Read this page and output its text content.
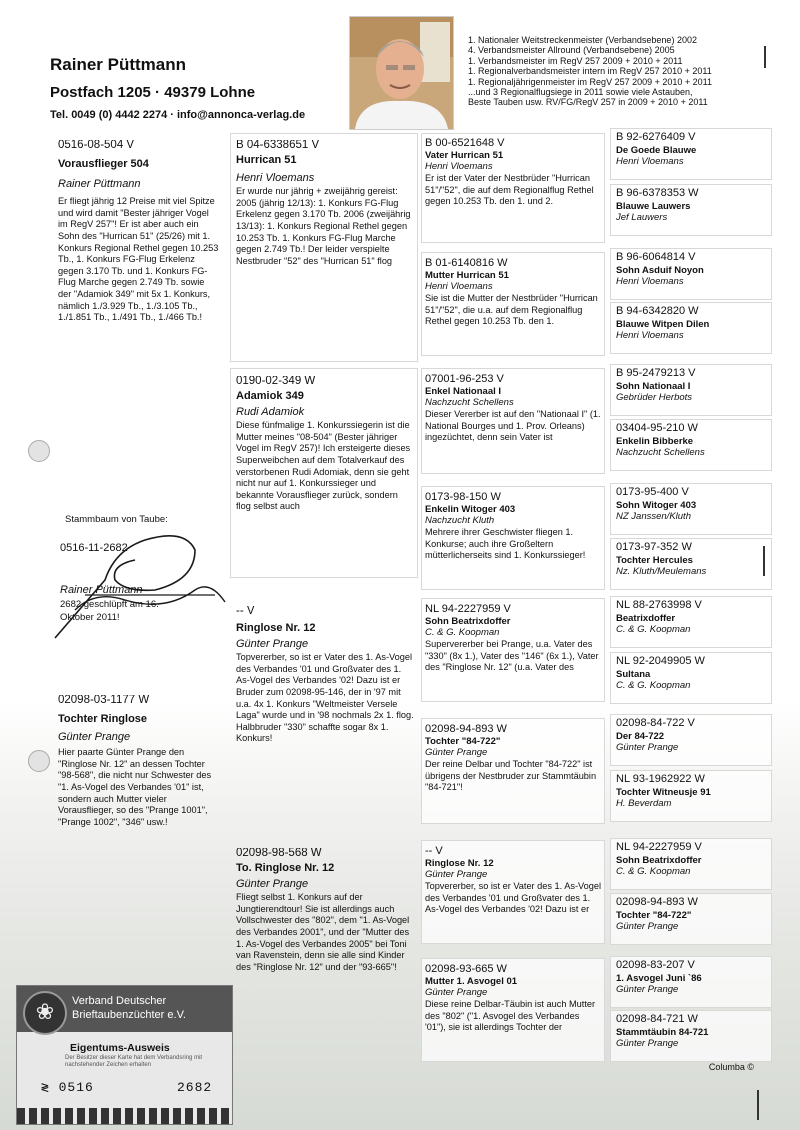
Rainer Püttmann
Postfach 1205 · 49379 Lohne
Tel. 0049 (0) 4442 2274 · info@annonca-verlag.de
1. Nationaler Weitstreckenmeister (Verbandsebene) 2002
4. Verbandsmeister Allround (Verbandsebene) 2005
1. Verbandsmeister im RegV 257 2009 + 2010 + 2011
1. Regionalverbandsmeister intern im RegV 257 2010 + 2011
1. Regionaljährigenmeister im RegV 257 2009 + 2010 + 2011
...und 3 Regionalflugsiege in 2011 sowie viele Astauben,
Beste Tauben usw. RV/FG/RegV 257 in 2009 + 2010 + 2011
0516-08-504 V
Vorausflieger 504
Rainer Püttmann
Er fliegt jährig 12 Preise mit viel Spitze und wird damit "Bester jähriger Vogel im RegV 257"! Er ist aber auch ein Sohn des "Hurrican 51" (25/26) mit 1. Konkurs Regional Rethel gegen 10.253 Tb., 1. Konkurs FG-Flug Erkelenz gegen 3.170 Tb. und 1. Konkurs FG-Flug Marche gegen 2.749 Tb. sowie der "Adamiok 349" mit 5x 1. Konkurs, nämlich 1./3.929 Tb., 1./3.105 Tb., 1./1.851 Tb., 1./491 Tb., 1./466 Tb.!
02098-03-1177 W
Tochter Ringlose
Günter Prange
Hier paarte Günter Prange den "Ringlose Nr. 12" an dessen Tochter "98-568", die nicht nur Schwester des "1. As-Vogel des Verbandes '01" ist, sondern auch Mutter vieler Vorausflieger, so des "Prange 1001", "Prange 1002", "346" usw.!
Stammbaum von Taube:
0516-11-2682
Rainer Püttmann
2682 geschlüpft am 16. Oktober 2011!
B 04-6338651 V
Hurrican 51
Henri Vloemans
Er wurde nur jährig + zweijährig gereist: 2005 (jährig 12/13): 1. Konkurs FG-Flug Erkelenz gegen 3.170 Tb. 2006 (zweijährig 13/13): 1. Konkurs Regional Rethel gegen 10.253 Tb. 1. Konkurs FG-Flug Marche gegen 2.749 Tb.! Der leider verspielte Nestbruder "52" des "Hurrican 51" flog
0190-02-349 W
Adamiok 349
Rudi Adamiok
Diese fünfmalige 1. Konkurssiegerin ist die Mutter meines "08-504" (Bester jähriger Vogel im RegV 257)! Ich ersteigerte dieses Superweibchen auf dem Totalverkauf des verstorbenen Rudi Adomiak, denn sie geht nicht nur auf 1. Konkurssieger und bekannte Vorausflieger zurück, sondern flog selbst auch
-- V
Ringlose Nr. 12
Günter Prange
Topvererber, so ist er Vater des 1. As-Vogel des Verbandes '01 und Großvater des 1. As-Vogel des Verbandes '02! Dazu ist er Bruder zum 02098-95-146, der in '97 mit u.a. 4x 1. Konkurs "Weltmeister Versele Laga" wurde und in '98 nochmals 2x 1. flog. Halbbruder "330" schaffte sogar 8x 1. Konkurs!
02098-98-568 W
To. Ringlose Nr. 12
Günter Prange
Fliegt selbst 1. Konkurs auf der Jungtierendtour! Sie ist allerdings auch Vollschwester des "802", dem "1. As-Vogel des Verbandes 2001", und der "Mutter des 1. As-Vogel des Verbandes 2005" bei Toni van Ravenstein, denn sie alle sind Kinder des "Ringlose Nr. 12" und der "93-665"!
B 00-6521648 V
Vater Hurrican 51
Henri Vloemans
Er ist der Vater der Nestbrüder "Hurrican 51"/"52", die auf dem Regionalflug Rethel gegen 10.253 Tb. den 1. und 2.
B 01-6140816 W
Mutter Hurrican 51
Henri Vloemans
Sie ist die Mutter der Nestbrüder "Hurrican 51"/"52", die u.a. auf dem Regionalflug Rethel gegen 10.253 Tb. den 1.
07001-96-253 V
Enkel Nationaal I
Nachzucht Schellens
Dieser Vererber ist auf den "Nationaal I" (1. National Bourges und 1. Prov. Orleans) ingezüchtet, denn sein Vater ist
0173-98-150 W
Enkelin Witoger 403
Nachzucht Kluth
Mehrere ihrer Geschwister fliegen 1. Konkurse; auch ihre Großeltern mütterlicherseits sind 1. Konkurssieger!
NL 94-2227959 V
Sohn Beatrixdoffer
C. & G. Koopman
Supervererber bei Prange, u.a. Vater des "330" (8x 1.), Vater des "146" (6x 1.), Vater des "Ringlose Nr. 12" (u.a. Vater des
02098-94-893 W
Tochter "84-722"
Günter Prange
Der reine Delbar und Tochter "84-722" ist übrigens der Nestbruder zur Stammtäubin "84-721"!
-- V
Ringlose Nr. 12
Günter Prange
Topvererber, so ist er Vater des 1. As-Vogel des Verbandes '01 und Großvater des 1. As-Vogel des Verbandes '02! Dazu ist er
02098-93-665 W
Mutter 1. Asvogel 01
Günter Prange
Diese reine Delbar-Täubin ist auch Mutter des "802" ("1. Asvogel des Verbandes '01"), sie ist allerdings Tochter der
B 92-6276409 V
De Goede Blauwe
Henri Vloemans
B 96-6378353 W
Blauwe Lauwers
Jef Lauwers
B 96-6064814 V
Sohn Asduif Noyon
Henri Vloemans
B 94-6342820 W
Blauwe Witpen Dilen
Henri Vloemans
B 95-2479213 V
Sohn Nationaal I
Gebrüder Herbots
03404-95-210 W
Enkelin Bibberke
Nachzucht Schellens
0173-95-400 V
Sohn Witoger 403
NZ Janssen/Kluth
0173-97-352 W
Tochter Hercules
Nz. Kluth/Meulemans
NL 88-2763998 V
Beatrixdoffer
C. & G. Koopman
NL 92-2049905 W
Sultana
C. & G. Koopman
02098-84-722 V
Der 84-722
Günter Prange
NL 93-1962922 W
Tochter Witneusje 91
H. Beverdam
NL 94-2227959 V
Sohn Beatrixdoffer
C. & G. Koopman
02098-94-893 W
Tochter "84-722"
Günter Prange
02098-83-207 V
1. Asvogel Juni `86
Günter Prange
02098-84-721 W
Stammtäubin 84-721
Günter Prange
Columba ©
❀	Verband Deutscher
Brieftaubenzüchter e.V.
Eigentums-Ausweis
Der Besitzer dieser Karte hat dem Verbandsring mit nachstehender Zeichen erhalten
≷ 0516	2682
